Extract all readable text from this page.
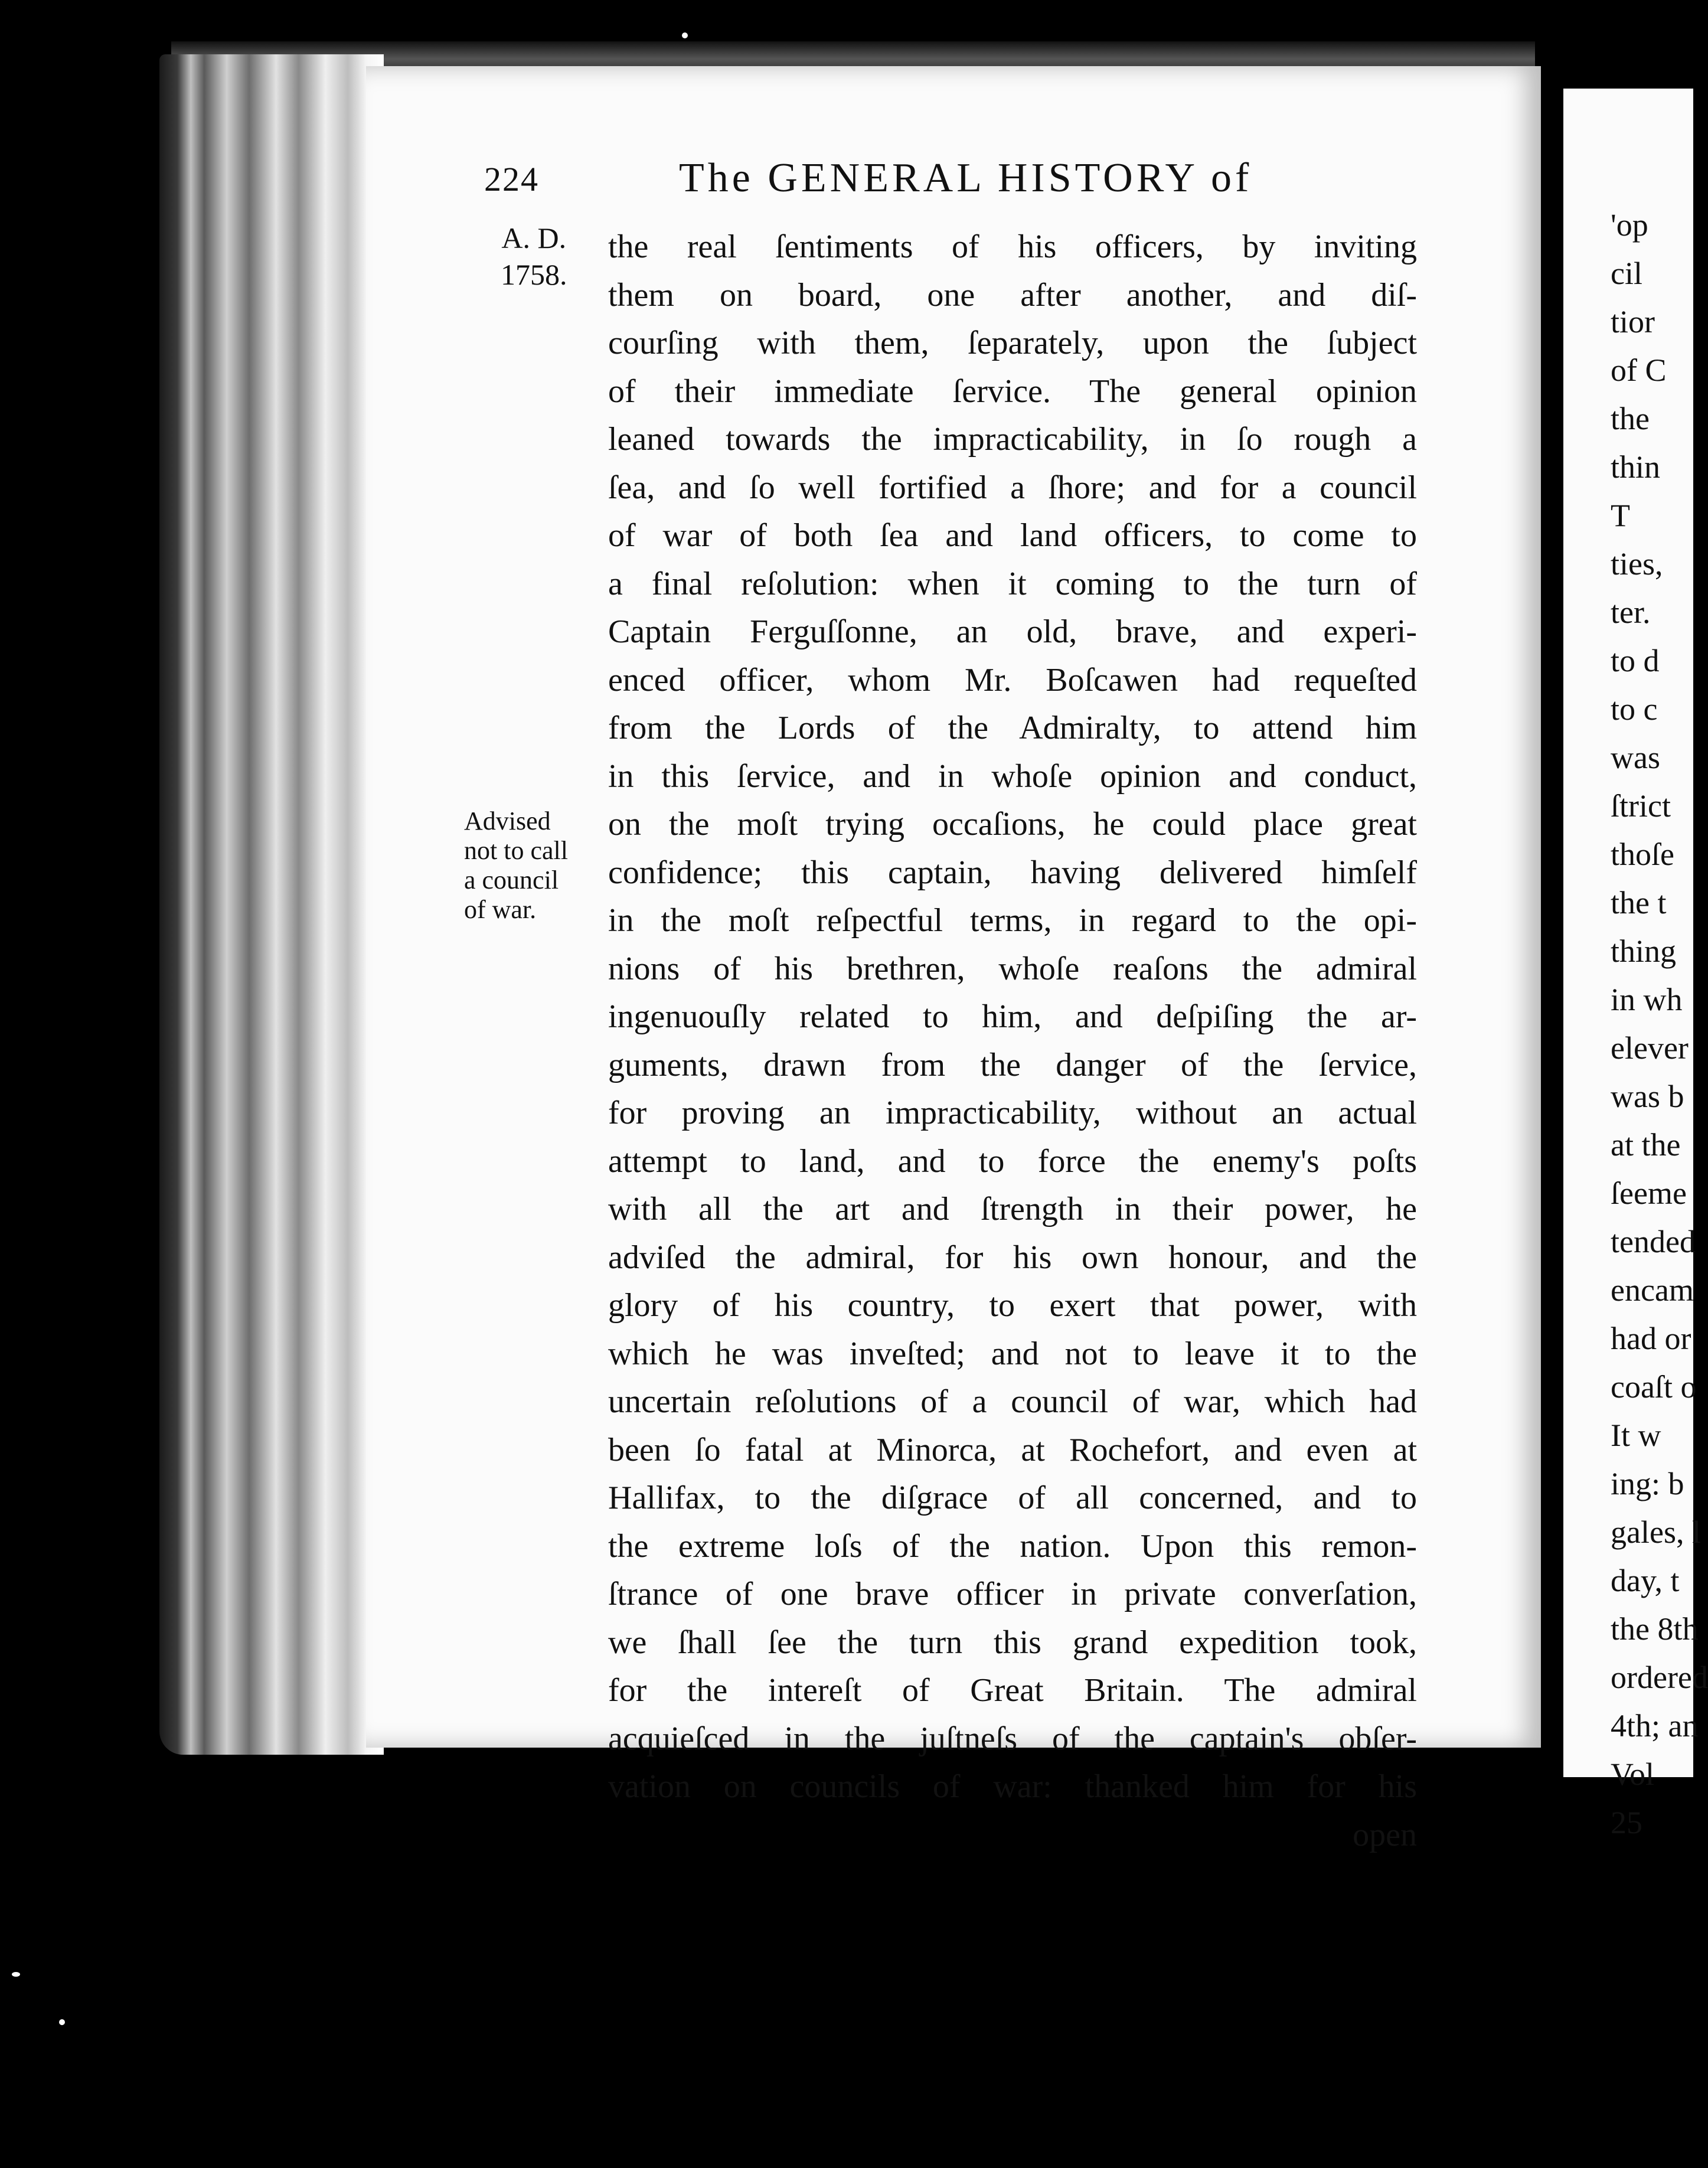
224	The GENERAL HISTORY of
A. D.
1758.
Advised
not to call
a council
of war.
the real ſentiments of his officers, by inviting
them on board, one after another, and diſ-
courſing with them, ſeparately, upon the ſubject
of their immediate ſervice. The general opinion
leaned towards the impracticability, in ſo rough a
ſea, and ſo well fortified a ſhore; and for a council
of war of both ſea and land officers, to come to
a final reſolution: when it coming to the turn of
Captain Ferguſſonne, an old, brave, and experi-
enced officer, whom Mr. Boſcawen had requeſted
from the Lords of the Admiralty, to attend him
in this ſervice, and in whoſe opinion and conduct,
on the moſt trying occaſions, he could place great
confidence; this captain, having delivered himſelf
in the moſt reſpectful terms, in regard to the opi-
nions of his brethren, whoſe reaſons the admiral
ingenuouſly related to him, and deſpiſing the ar-
guments, drawn from the danger of the ſervice,
for proving an impracticability, without an actual
attempt to land, and to force the enemy's poſts
with all the art and ſtrength in their power, he
adviſed the admiral, for his own honour, and the
glory of his country, to exert that power, with
which he was inveſted; and not to leave it to the
uncertain reſolutions of a council of war, which had
been ſo fatal at Minorca, at Rochefort, and even at
Hallifax, to the diſgrace of all concerned, and to
the extreme loſs of the nation. Upon this remon-
ſtrance of one brave officer in private converſation,
we ſhall ſee the turn this grand expedition took,
for the intereſt of Great Britain. The admiral
acquieſced in the juſtneſs of the captain's obſer-
vation on councils of war: thanked him for his
open
'op
cil
tior
of C
the
thin
T
ties,
ter.
to d
to c
was
ſtrict
thoſe
the t
thing
in wh
elever
was b
at the
ſeeme
tended
encam
had or
coaſt o
It w
ing: b
gales, l
day, t
the 8th
ordered
4th; an
Vol
25
